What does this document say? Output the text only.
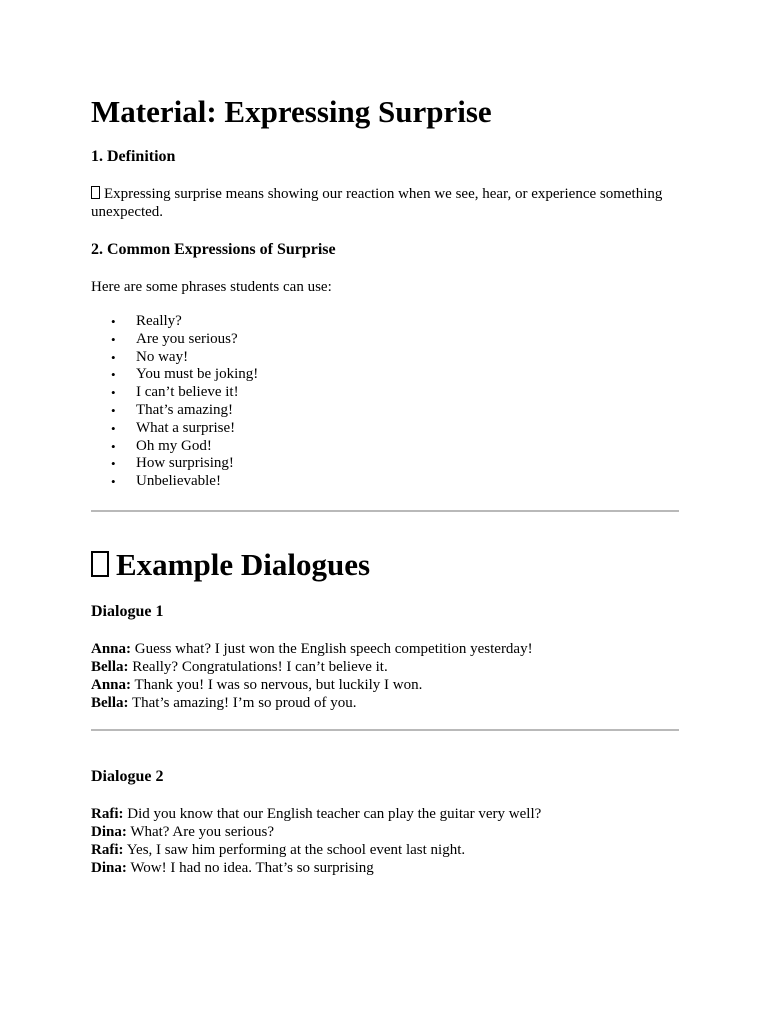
Material: Expressing Surprise
1. Definition

Expressing surprise means showing our reaction when we see, hear, or experience something unexpected.

2. Common Expressions of Surprise

Here are some phrases students can use:

• Really?
• Are you serious?
• No way!
• You must be joking!
• I can’t believe it!
• That’s amazing!
• What a surprise!
• Oh my God!
• How surprising!
• Unbelievable!
Example Dialogues
Dialogue 1
Anna: Guess what? I just won the English speech competition yesterday!
Bella: Really? Congratulations! I can’t believe it.
Anna: Thank you! I was so nervous, but luckily I won.
Bella: That’s amazing! I’m so proud of you.
Dialogue 2
Rafi: Did you know that our English teacher can play the guitar very well?
Dina: What? Are you serious?
Rafi: Yes, I saw him performing at the school event last night.
Dina: Wow! I had no idea. That’s so surprising
